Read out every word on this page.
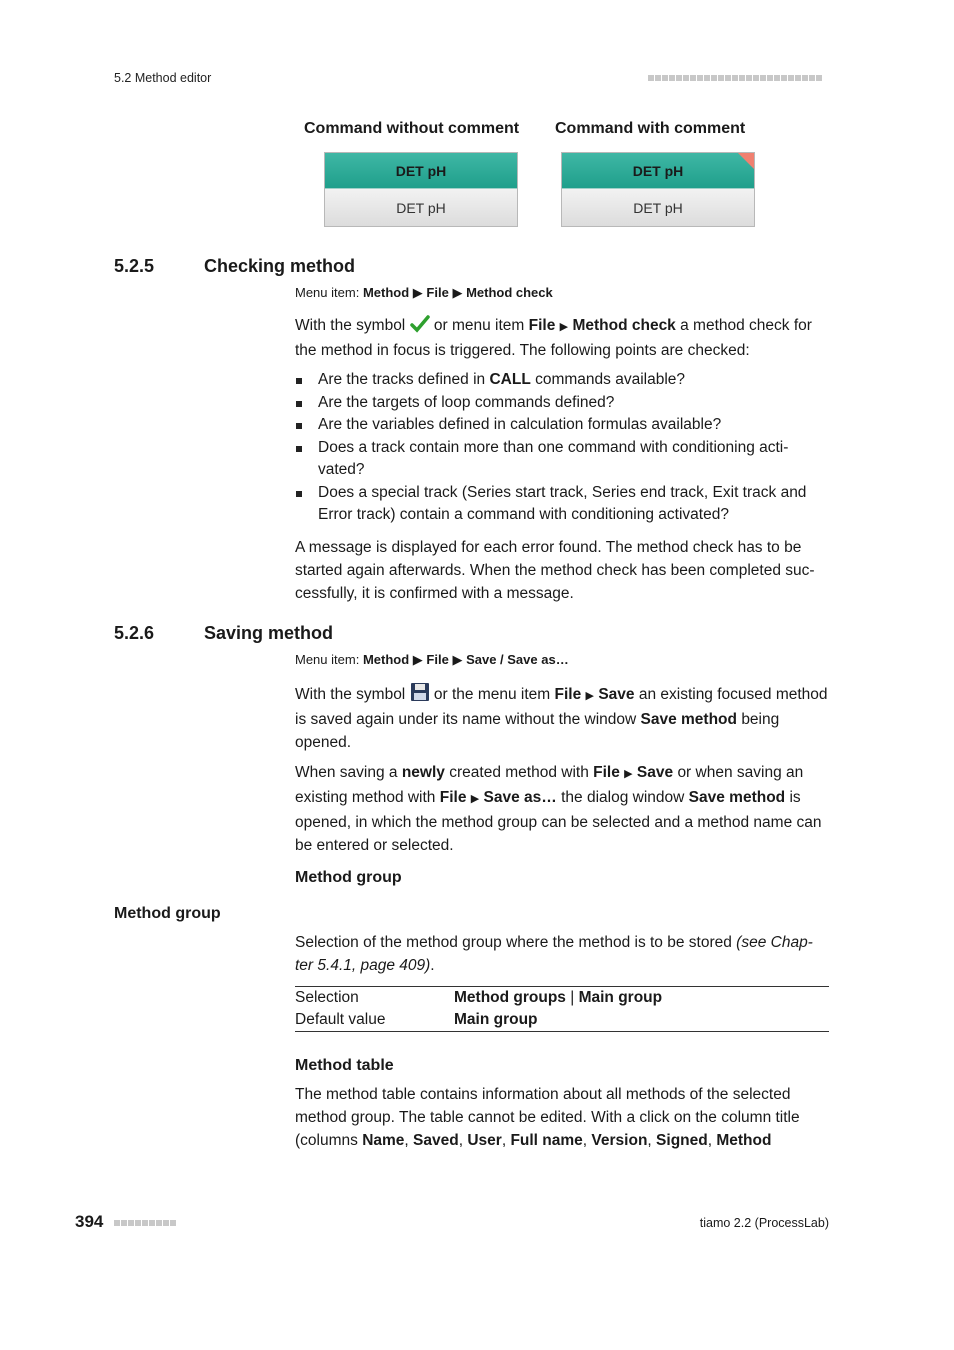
5.2 Method editor
Command without comment Command with comment
DET pH
DET pH
DET pH
DET pH
5.2.5	Checking method
Menu item: Method ▶ File ▶ Method check
With the symbol or menu item File ▶ Method check a method check for the method in focus is triggered. The following points are checked:
Are the tracks defined in CALL commands available?
Are the targets of loop commands defined?
Are the variables defined in calculation formulas available?
Does a track contain more than one command with conditioning acti-vated?
Does a special track (Series start track, Series end track, Exit track and Error track) contain a command with conditioning activated?
A message is displayed for each error found. The method check has to be started again afterwards. When the method check has been completed suc-cessfully, it is confirmed with a message.
5.2.6	Saving method
Menu item: Method ▶ File ▶ Save / Save as…
With the symbol or the menu item File ▶ Save an existing focused method is saved again under its name without the window Save method being opened.
When saving a newly created method with File ▶ Save or when saving an existing method with File ▶ Save as… the dialog window Save method is opened, in which the method group can be selected and a method name can be entered or selected.
Method group
Method group
Selection of the method group where the method is to be stored (see Chap-ter 5.4.1, page 409).
Selection	Method groups | Main group
Default value	Main group
Method table
The method table contains information about all methods of the selected method group. The table cannot be edited. With a click on the column title (columns Name, Saved, User, Full name, Version, Signed, Method
394	tiamo 2.2 (ProcessLab)
